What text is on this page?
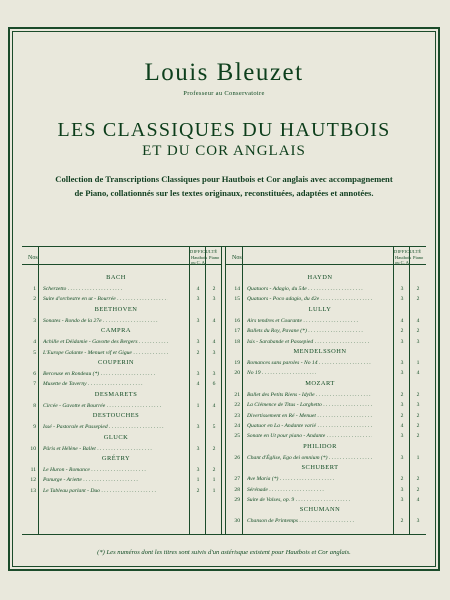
Louis Bleuzet
Professeur au Conservatoire
LES CLASSIQUES DU HAUTBOIS
ET DU COR ANGLAIS
Collection de Transcriptions Classiques pour Hautbois et Cor anglais avec accompagnement
de Piano, collationnés sur les textes originaux, reconstituées, adaptées et annotées.
Nos
DIFFICULTÉ
Hautbois ou C. A.
Piano
BACH
1 Scherzetto . .	4	2
2 Suite d'orchestre en ut - Bourrée . .	3	3
BEETHOVEN
3 Sonates - Rondo de la 27e . .	3	4
CAMPRA
4 Achille et Déidamie - Gavotte des Bergers . .	3	4
5 L'Europe Galante - Menuet vif et Gigue . .	2	3
COUPERIN
6 Berceuse en Rondeau (*) . .	3	3
7 Musette de Taverny . .	4	6
DESMARETS
8 Circée - Gavotte et Bourrée . .	1	4
DESTOUCHES
9 Issé - Pastorale et Passepied . .	3	5
GLUCK
10 Pâris et Hélène - Ballet . .	3	2
GRÉTRY
11 Le Huron - Romance . .	3	2
12 Panurge - Ariette . .	1	1
13 Le Tableau parlant - Duo . .	2	1
Nos
DIFFICULTÉ
Hautbois ou C. A.
Piano
HAYDN
14 Quatuors - Adagio, du 54e . .	3	2
15 Quatuors - Poco adagio, du 42e . .	3	2
LULLY
16 Airs tendres et Courante . .	4	4
17 Ballets du Roy, Pavane (*) . .	2	2
18 Isis - Sarabande et Passepied . .	3	3
MENDELSSOHN
19 Romances sans paroles - No 14 . .	3	1
20 No 19 . .	3	4
MOZART
21 Ballet des Petits Riens - Idylle . .	2	2
22 La Clémence de Titus - Larghetto . .	3	3
23 Divertissement en Ré - Menuet . .	2	2
24 Quatuor en La - Andante varié . .	4	2
25 Sonate en Ut pour piano - Andante . .	3	2
PHILIDOR
26 Chant d'Église, Ego dei omnium (*) . .	3	1
SCHUBERT
27 Ave Maria (*) . .	2	2
28 Sérénade . .	3	2
29 Suite de Valses, op. 9 . .	3	4
SCHUMANN
30 Chanson de Printemps . .	2	3
(*) Les numéros dont les titres sont suivis d'un astérisque existent pour Hautbois et Cor anglais.
